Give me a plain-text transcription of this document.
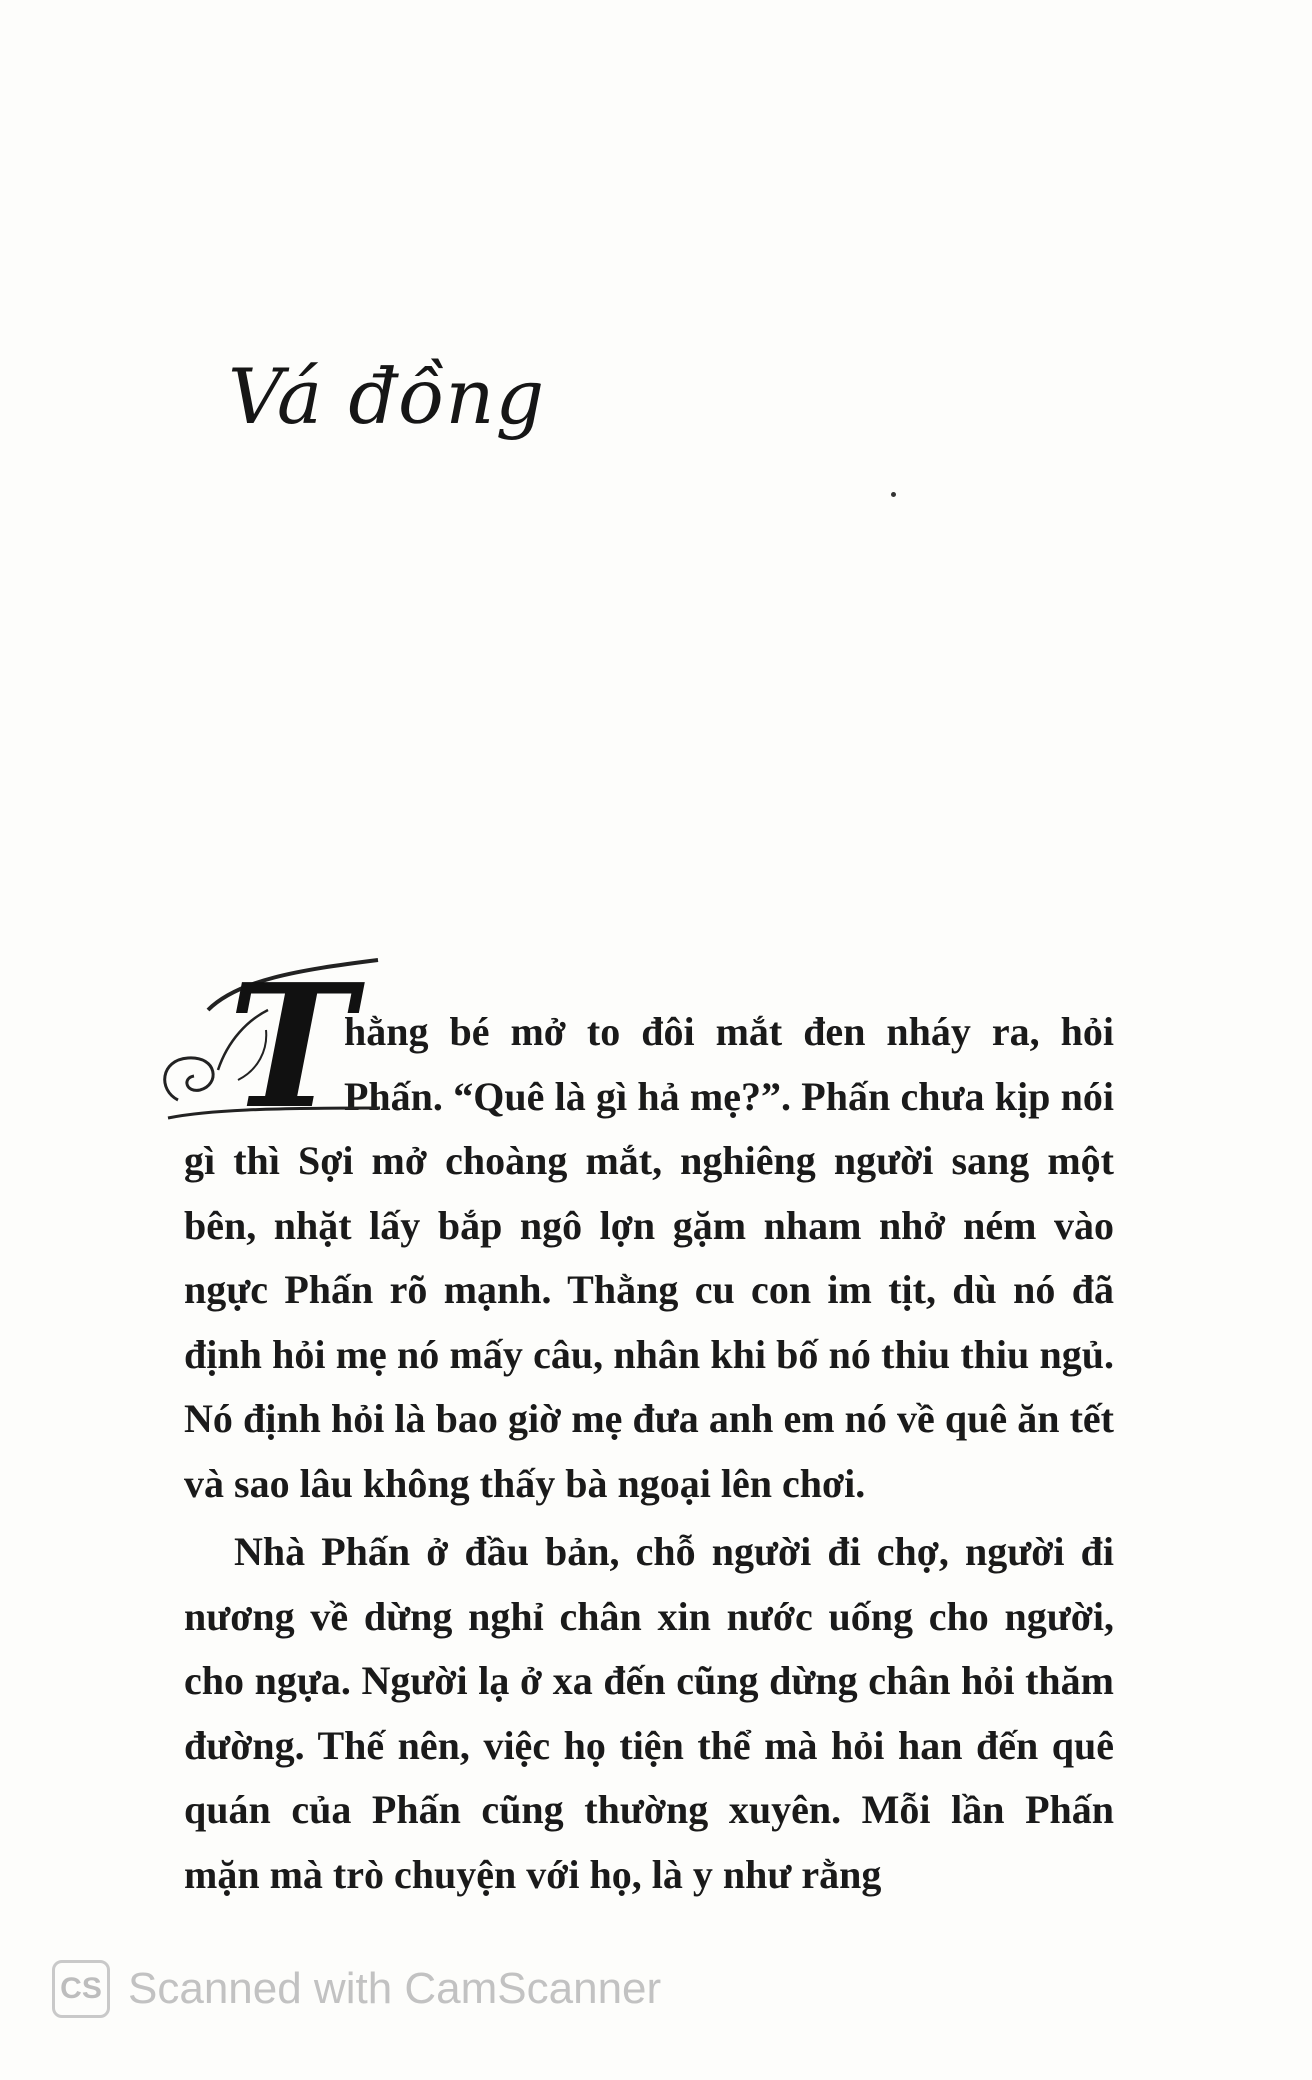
Vá đồng

T
hằng bé mở to đôi mắt đen nháy ra, hỏi Phấn. “Quê là gì hả mẹ?”. Phấn chưa kịp nói gì thì Sợi mở choàng mắt, nghiêng người sang một bên, nhặt lấy bắp ngô lợn gặm nham nhở ném vào ngực Phấn rõ mạnh. Thằng cu con im tịt, dù nó đã định hỏi mẹ nó mấy câu, nhân khi bố nó thiu thiu ngủ. Nó định hỏi là bao giờ mẹ đưa anh em nó về quê ăn tết và sao lâu không thấy bà ngoại lên chơi.

Nhà Phấn ở đầu bản, chỗ người đi chợ, người đi nương về dừng nghỉ chân xin nước uống cho người, cho ngựa. Người lạ ở xa đến cũng dừng chân hỏi thăm đường. Thế nên, việc họ tiện thể mà hỏi han đến quê quán của Phấn cũng thường xuyên. Mỗi lần Phấn mặn mà trò chuyện với họ, là y như rằng

CS Scanned with CamScanner
